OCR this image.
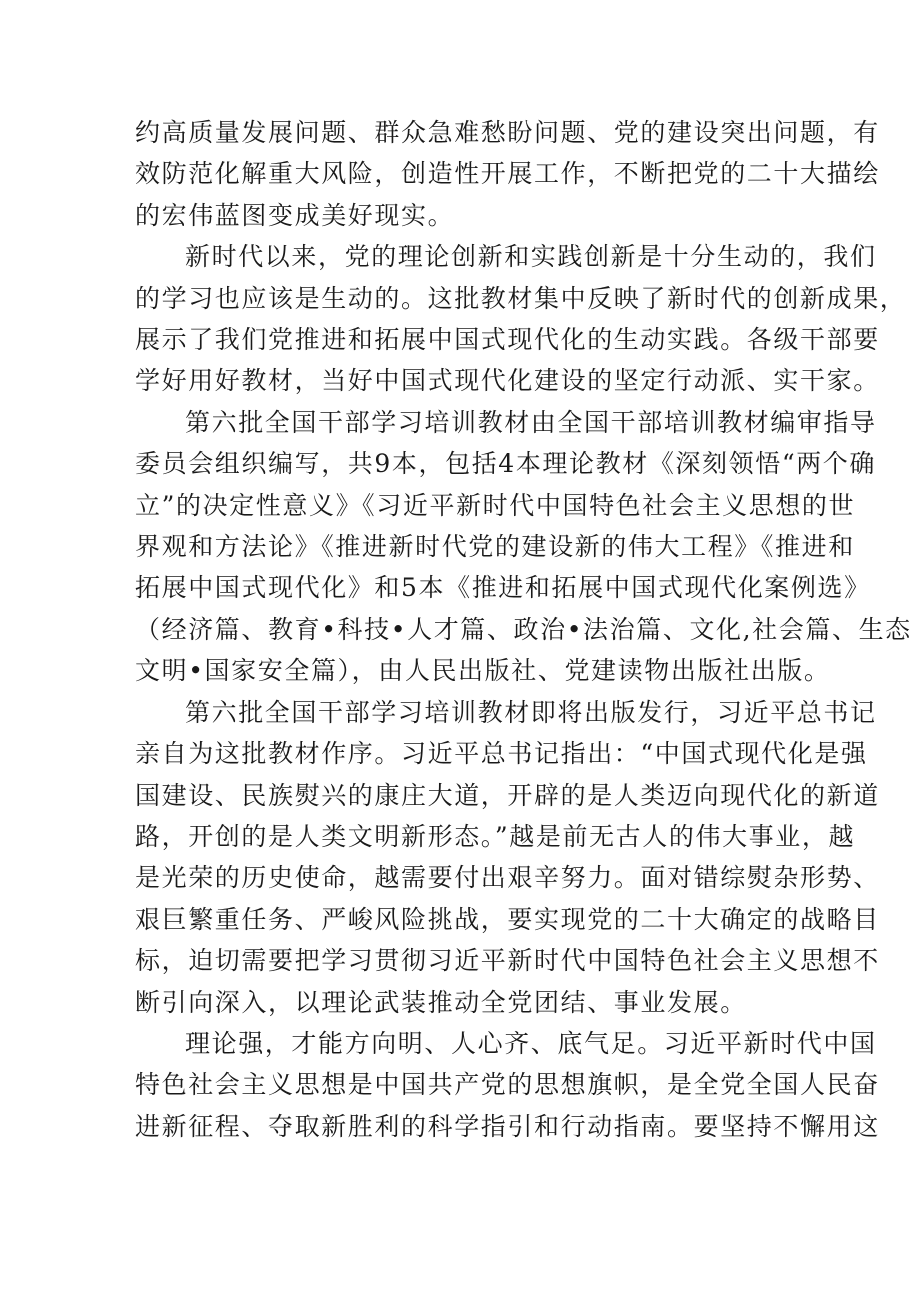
约高质量发展问题、群众急难愁盼问题、党的建设突出问题，有
效防范化解重大风险，创造性开展工作，不断把党的二十大描绘
的宏伟蓝图变成美好现实。

新时代以来，党的理论创新和实践创新是十分生动的，我们
的学习也应该是生动的。这批教材集中反映了新时代的创新成果，
展示了我们党推进和拓展中国式现代化的生动实践。各级干部要
学好用好教材，当好中国式现代化建设的坚定行动派、实干家。

第六批全国干部学习培训教材由全国干部培训教材编审指导
委员会组织编写，共9本，包括4本理论教材《深刻领悟“两个确
立”的决定性意义》《习近平新时代中国特色社会主义思想的世
界观和方法论》《推进新时代党的建设新的伟大工程》《推进和
拓展中国式现代化》和5本《推进和拓展中国式现代化案例选》
（经济篇、教育•科技•人才篇、政治•法治篇、文化,社会篇、生态
文明•国家安全篇），由人民出版社、党建读物出版社出版。

第六批全国干部学习培训教材即将出版发行，习近平总书记
亲自为这批教材作序。习近平总书记指出：“中国式现代化是强
国建设、民族熨兴的康庄大道，开辟的是人类迈向现代化的新道
路，开创的是人类文明新形态。”越是前无古人的伟大事业，越
是光荣的历史使命，越需要付出艰辛努力。面对错综熨杂形势、
艰巨繁重任务、严峻风险挑战，要实现党的二十大确定的战略目
标，迫切需要把学习贯彻习近平新时代中国特色社会主义思想不
断引向深入，以理论武装推动全党团结、事业发展。

理论强，才能方向明、人心齐、底气足。习近平新时代中国
特色社会主义思想是中国共产党的思想旗帜，是全党全国人民奋
进新征程、夺取新胜利的科学指引和行动指南。要坚持不懈用这
